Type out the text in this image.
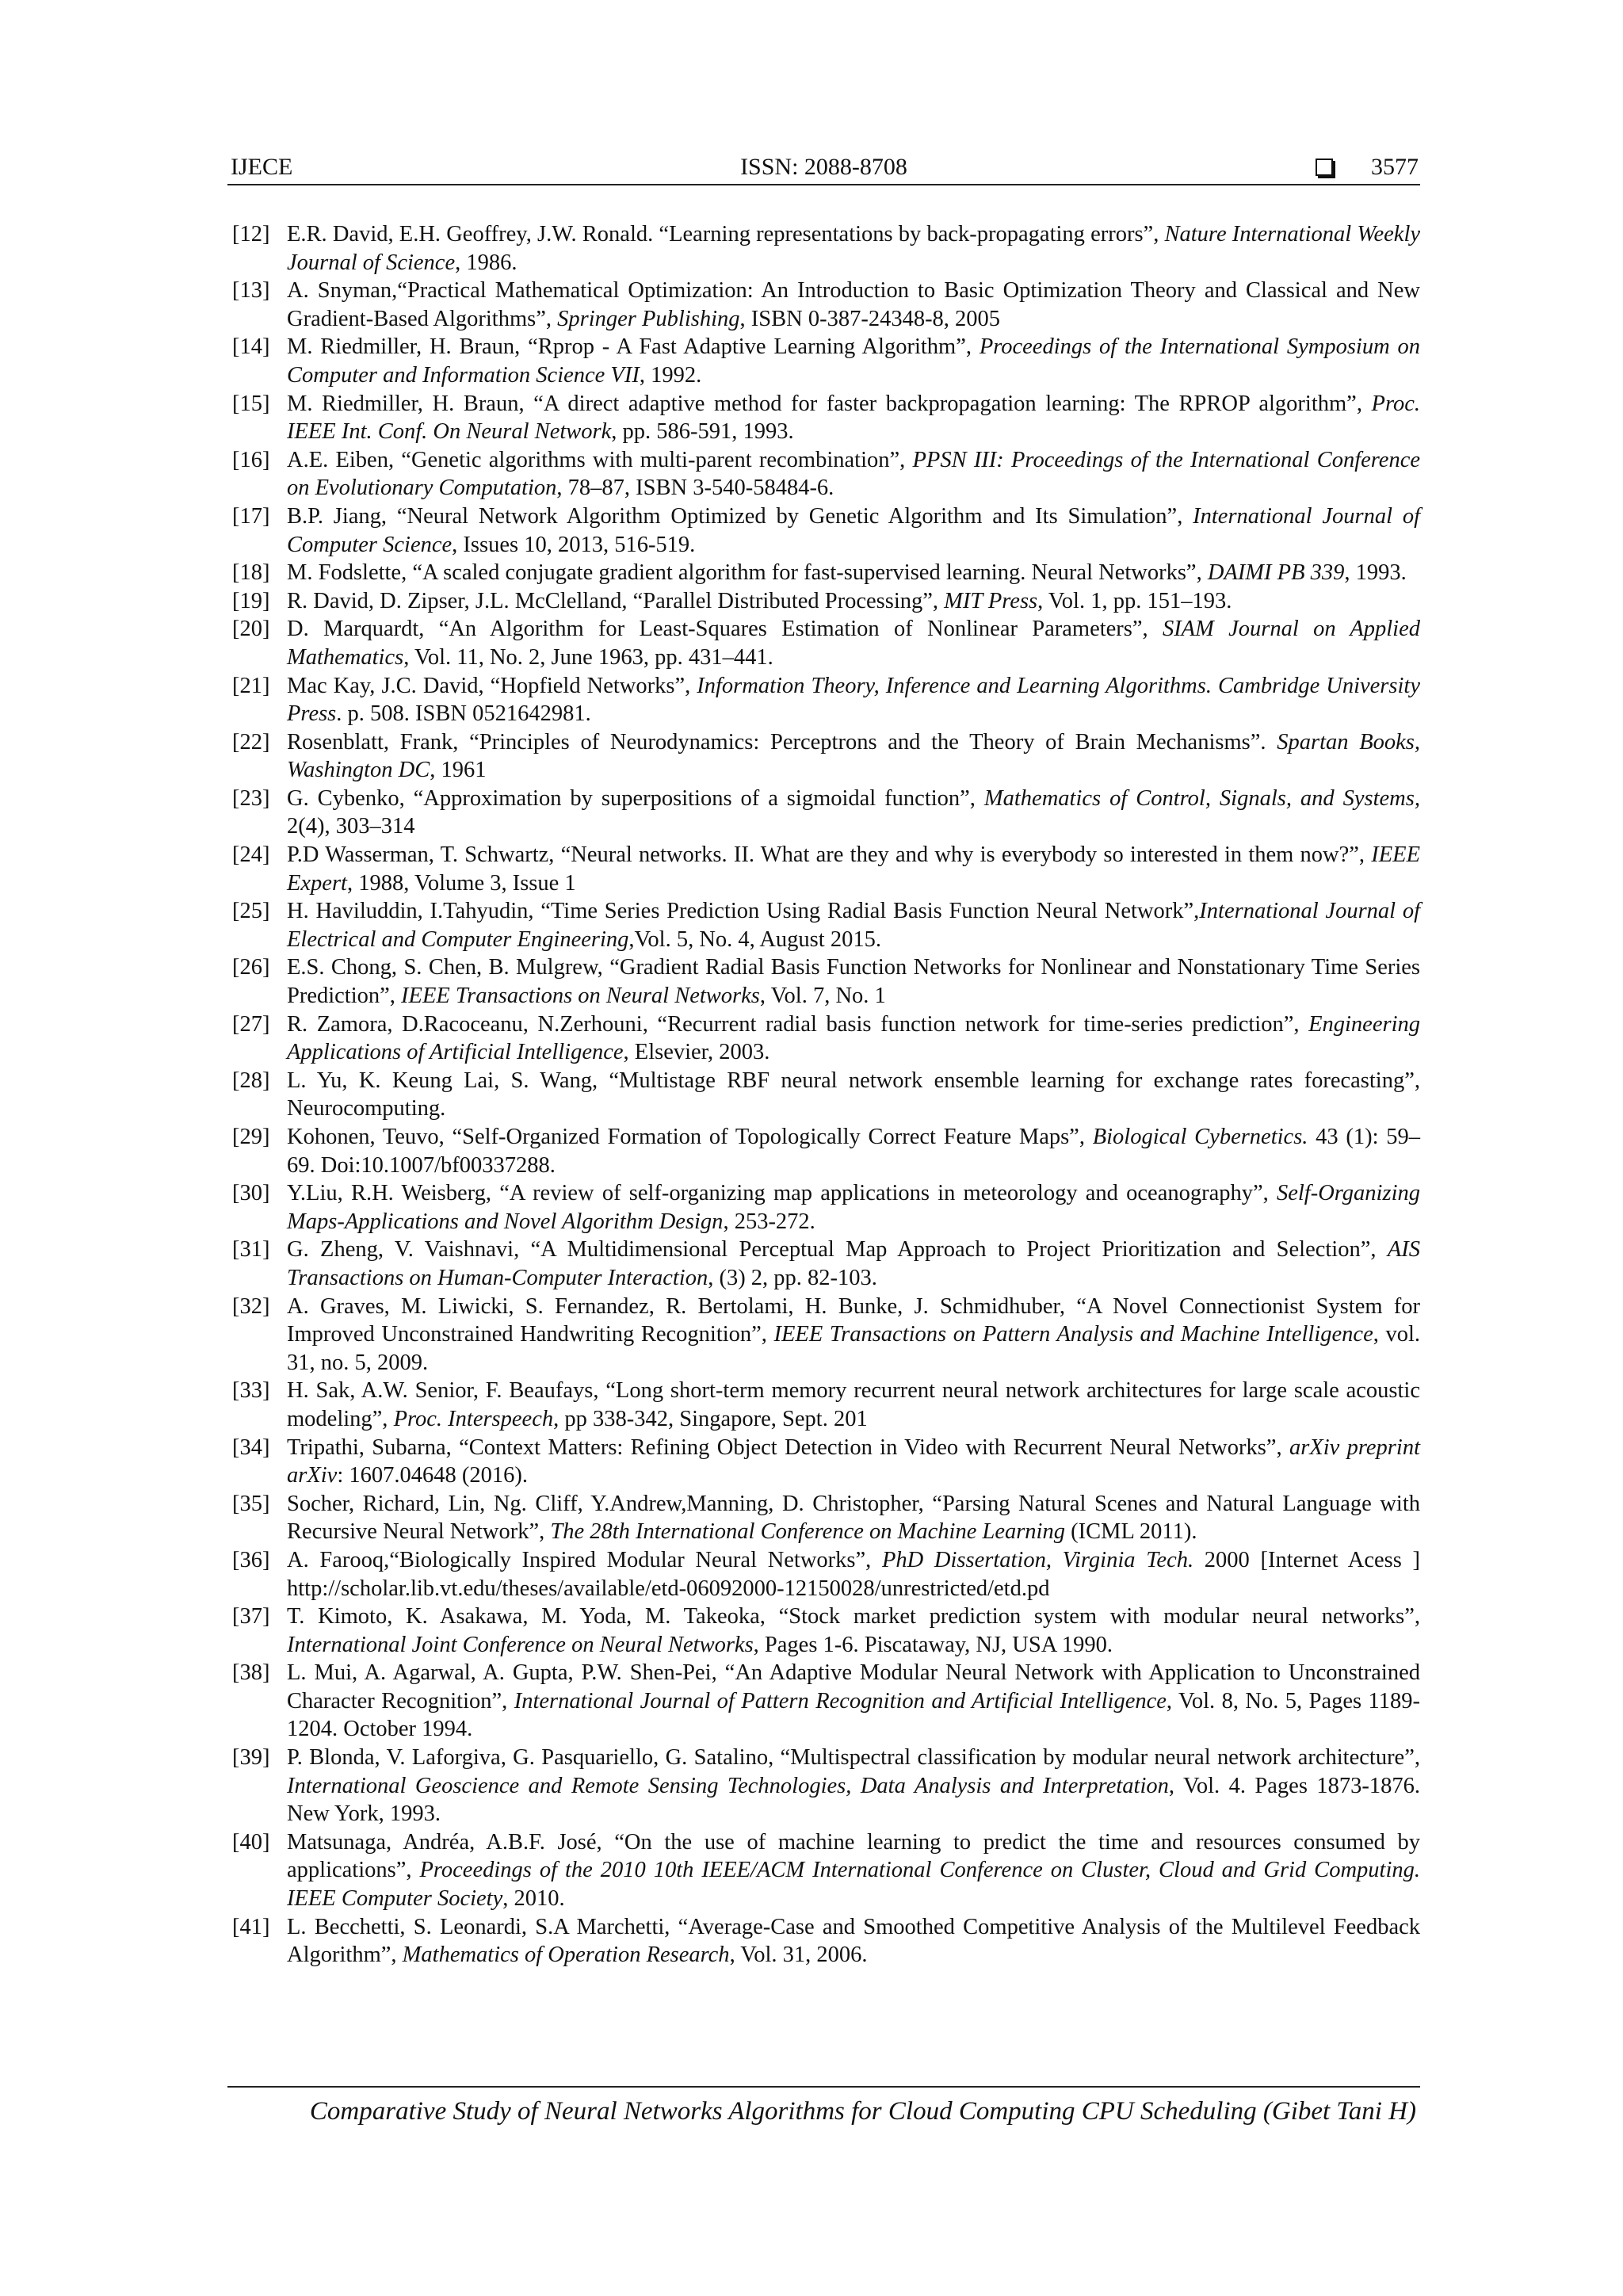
IJECE	ISSN: 2088-8708	3577
[12] E.R. David, E.H. Geoffrey, J.W. Ronald. “Learning representations by back-propagating errors”, Nature International Weekly Journal of Science, 1986.
[13] A. Snyman,“Practical Mathematical Optimization: An Introduction to Basic Optimization Theory and Classical and New Gradient-Based Algorithms”, Springer Publishing, ISBN 0-387-24348-8, 2005
[14] M. Riedmiller, H. Braun, “Rprop - A Fast Adaptive Learning Algorithm”, Proceedings of the International Symposium on Computer and Information Science VII, 1992.
[15] M. Riedmiller, H. Braun, “A direct adaptive method for faster backpropagation learning: The RPROP algorithm”, Proc. IEEE Int. Conf. On Neural Network, pp. 586-591, 1993.
[16] A.E. Eiben, “Genetic algorithms with multi-parent recombination”, PPSN III: Proceedings of the International Conference on Evolutionary Computation, 78–87, ISBN 3-540-58484-6.
[17] B.P. Jiang, “Neural Network Algorithm Optimized by Genetic Algorithm and Its Simulation”, International Journal of Computer Science, Issues 10, 2013, 516-519.
[18] M. Fodslette, “A scaled conjugate gradient algorithm for fast-supervised learning. Neural Networks”, DAIMI PB 339, 1993.
[19] R. David, D. Zipser, J.L. McClelland, “Parallel Distributed Processing”, MIT Press, Vol. 1, pp. 151–193.
[20] D. Marquardt, “An Algorithm for Least-Squares Estimation of Nonlinear Parameters”, SIAM Journal on Applied Mathematics, Vol. 11, No. 2, June 1963, pp. 431–441.
[21] Mac Kay, J.C. David, “Hopfield Networks”, Information Theory, Inference and Learning Algorithms. Cambridge University Press. p. 508. ISBN 0521642981.
[22] Rosenblatt, Frank, “Principles of Neurodynamics: Perceptrons and the Theory of Brain Mechanisms”. Spartan Books, Washington DC, 1961
[23] G. Cybenko, “Approximation by superpositions of a sigmoidal function”, Mathematics of Control, Signals, and Systems, 2(4), 303–314
[24] P.D Wasserman, T. Schwartz, “Neural networks. II. What are they and why is everybody so interested in them now?”, IEEE Expert, 1988, Volume 3, Issue 1
[25] H. Haviluddin, I.Tahyudin, “Time Series Prediction Using Radial Basis Function Neural Network”,International Journal of Electrical and Computer Engineering,Vol. 5, No. 4, August 2015.
[26] E.S. Chong, S. Chen, B. Mulgrew, “Gradient Radial Basis Function Networks for Nonlinear and Nonstationary Time Series Prediction”, IEEE Transactions on Neural Networks, Vol. 7, No. 1
[27] R. Zamora, D.Racoceanu, N.Zerhouni, “Recurrent radial basis function network for time-series prediction”, Engineering Applications of Artificial Intelligence, Elsevier, 2003.
[28] L. Yu, K. Keung Lai, S. Wang, “Multistage RBF neural network ensemble learning for exchange rates forecasting”, Neurocomputing.
[29] Kohonen, Teuvo, “Self-Organized Formation of Topologically Correct Feature Maps”, Biological Cybernetics. 43 (1): 59–69. Doi:10.1007/bf00337288.
[30] Y.Liu, R.H. Weisberg, “A review of self-organizing map applications in meteorology and oceanography”, Self-Organizing Maps-Applications and Novel Algorithm Design, 253-272.
[31] G. Zheng, V. Vaishnavi, “A Multidimensional Perceptual Map Approach to Project Prioritization and Selection”, AIS Transactions on Human-Computer Interaction, (3) 2, pp. 82-103.
[32] A. Graves, M. Liwicki, S. Fernandez, R. Bertolami, H. Bunke, J. Schmidhuber, “A Novel Connectionist System for Improved Unconstrained Handwriting Recognition”, IEEE Transactions on Pattern Analysis and Machine Intelligence, vol. 31, no. 5, 2009.
[33] H. Sak, A.W. Senior, F. Beaufays, “Long short-term memory recurrent neural network architectures for large scale acoustic modeling”, Proc. Interspeech, pp 338-342, Singapore, Sept. 201
[34] Tripathi, Subarna, “Context Matters: Refining Object Detection in Video with Recurrent Neural Networks”, arXiv preprint arXiv: 1607.04648 (2016).
[35] Socher, Richard, Lin, Ng. Cliff, Y.Andrew,Manning, D. Christopher, “Parsing Natural Scenes and Natural Language with Recursive Neural Network”, The 28th International Conference on Machine Learning (ICML 2011).
[36] A. Farooq,“Biologically Inspired Modular Neural Networks”, PhD Dissertation, Virginia Tech. 2000 [Internet Acess ] http://scholar.lib.vt.edu/theses/available/etd-06092000-12150028/unrestricted/etd.pd
[37] T. Kimoto, K. Asakawa, M. Yoda, M. Takeoka, “Stock market prediction system with modular neural networks”, International Joint Conference on Neural Networks, Pages 1-6. Piscataway, NJ, USA 1990.
[38] L. Mui, A. Agarwal, A. Gupta, P.W. Shen-Pei, “An Adaptive Modular Neural Network with Application to Unconstrained Character Recognition”, International Journal of Pattern Recognition and Artificial Intelligence, Vol. 8, No. 5, Pages 1189-1204. October 1994.
[39] P. Blonda, V. Laforgiva, G. Pasquariello, G. Satalino, “Multispectral classification by modular neural network architecture”, International Geoscience and Remote Sensing Technologies, Data Analysis and Interpretation, Vol. 4. Pages 1873-1876. New York, 1993.
[40] Matsunaga, Andréa, A.B.F. José, “On the use of machine learning to predict the time and resources consumed by applications”, Proceedings of the 2010 10th IEEE/ACM International Conference on Cluster, Cloud and Grid Computing. IEEE Computer Society, 2010.
[41] L. Becchetti, S. Leonardi, S.A Marchetti, “Average-Case and Smoothed Competitive Analysis of the Multilevel Feedback Algorithm”, Mathematics of Operation Research, Vol. 31, 2006.
Comparative Study of Neural Networks Algorithms for Cloud Computing CPU Scheduling (Gibet Tani H)
